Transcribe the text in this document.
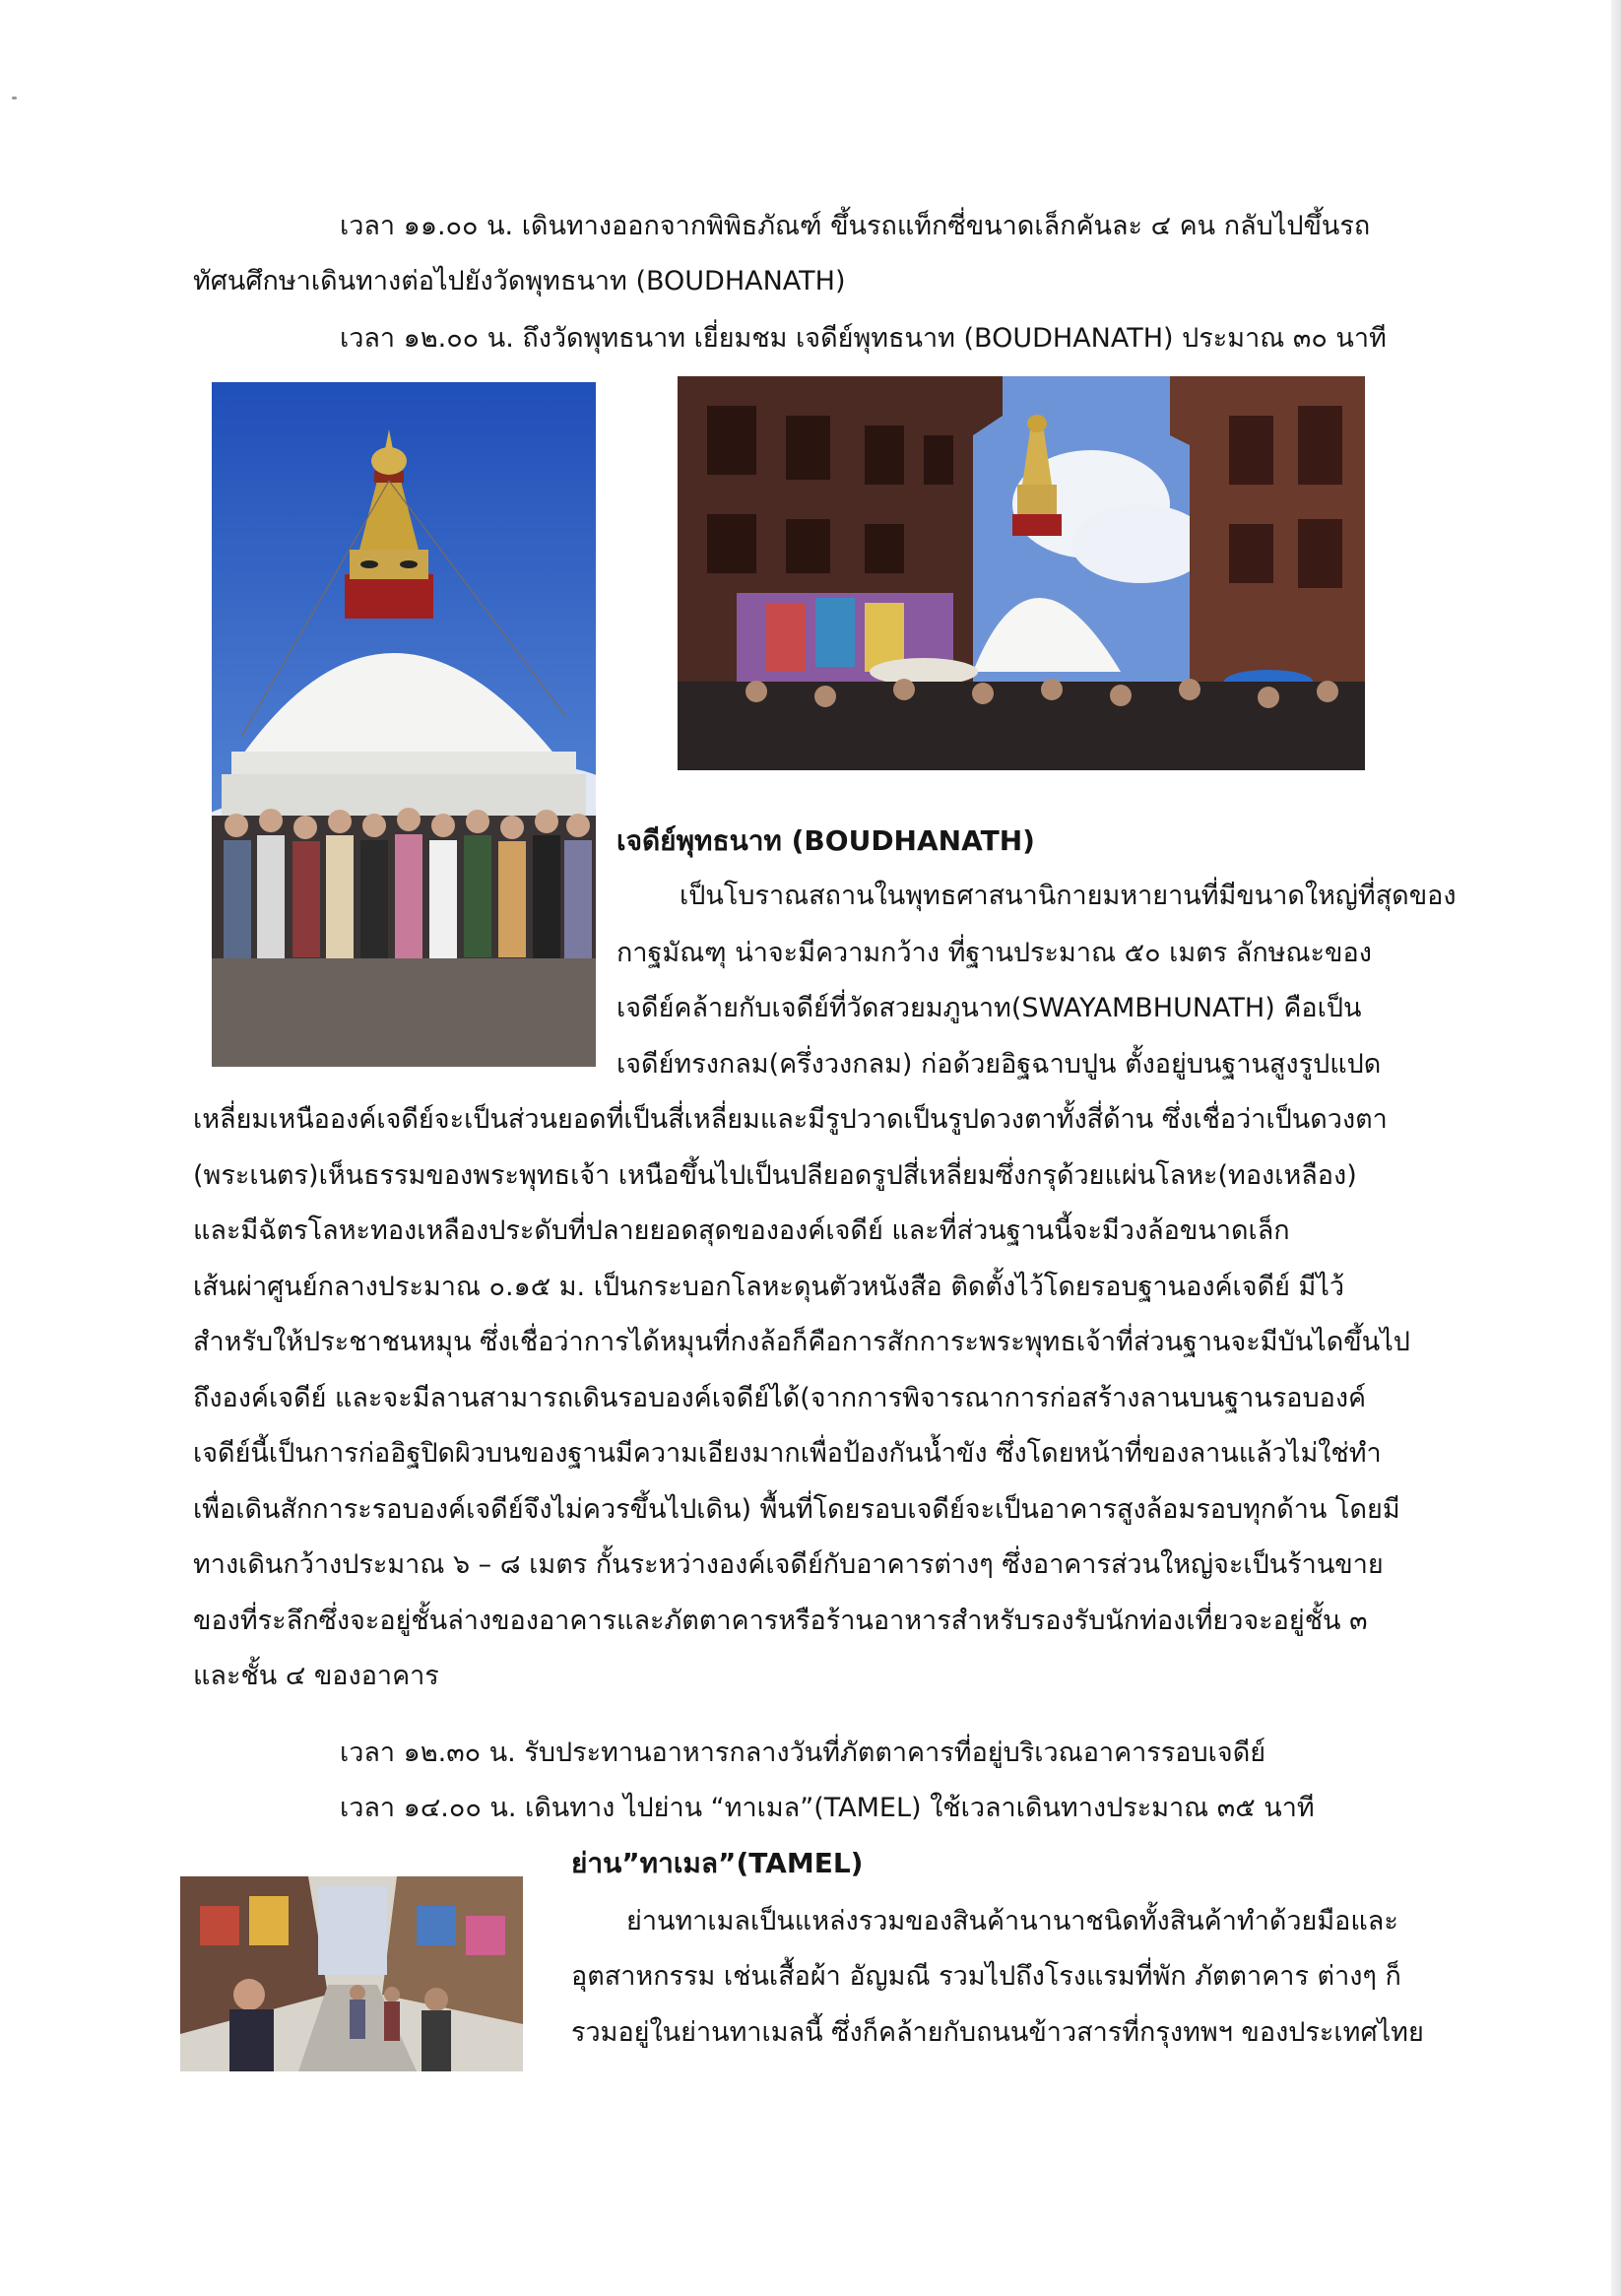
เวลา ๑๑.๐๐ น. เดินทางออกจากพิพิธภัณฑ์ ขึ้นรถแท็กซี่ขนาดเล็กคันละ ๔ คน กลับไปขึ้นรถ
ทัศนศึกษาเดินทางต่อไปยังวัดพุทธนาท (BOUDHANATH)
เวลา ๑๒.๐๐ น. ถึงวัดพุทธนาท เยี่ยมชม เจดีย์พุทธนาท (BOUDHANATH) ประมาณ ๓๐ นาที
เจดีย์พุทธนาท (BOUDHANATH)
เป็นโบราณสถานในพุทธศาสนานิกายมหายานที่มีขนาดใหญ่ที่สุดของ
กาฐมัณฑุ น่าจะมีความกว้าง ที่ฐานประมาณ ๕๐ เมตร ลักษณะของ
เจดีย์คล้ายกับเจดีย์ที่วัดสวยมภูนาท(SWAYAMBHUNATH) คือเป็น
เจดีย์ทรงกลม(ครึ่งวงกลม) ก่อด้วยอิฐฉาบปูน ตั้งอยู่บนฐานสูงรูปแปด
เหลี่ยมเหนือองค์เจดีย์จะเป็นส่วนยอดที่เป็นสี่เหลี่ยมและมีรูปวาดเป็นรูปดวงตาทั้งสี่ด้าน ซึ่งเชื่อว่าเป็นดวงตา
(พระเนตร)เห็นธรรมของพระพุทธเจ้า เหนือขึ้นไปเป็นปลียอดรูปสี่เหลี่ยมซึ่งกรุด้วยแผ่นโลหะ(ทองเหลือง)
และมีฉัตรโลหะทองเหลืองประดับที่ปลายยอดสุดขององค์เจดีย์ และที่ส่วนฐานนี้จะมีวงล้อขนาดเล็ก
เส้นผ่าศูนย์กลางประมาณ ๐.๑๕ ม. เป็นกระบอกโลหะดุนตัวหนังสือ ติดตั้งไว้โดยรอบฐานองค์เจดีย์ มีไว้
สำหรับให้ประชาชนหมุน ซึ่งเชื่อว่าการได้หมุนที่กงล้อก็คือการสักการะพระพุทธเจ้าที่ส่วนฐานจะมีบันไดขึ้นไป
ถึงองค์เจดีย์ และจะมีลานสามารถเดินรอบองค์เจดีย์ได้(จากการพิจารณาการก่อสร้างลานบนฐานรอบองค์
เจดีย์นี้เป็นการก่ออิฐปิดผิวบนของฐานมีความเอียงมากเพื่อป้องกันน้ำขัง ซึ่งโดยหน้าที่ของลานแล้วไม่ใช่ทำ
เพื่อเดินสักการะรอบองค์เจดีย์จึงไม่ควรขึ้นไปเดิน) พื้นที่โดยรอบเจดีย์จะเป็นอาคารสูงล้อมรอบทุกด้าน โดยมี
ทางเดินกว้างประมาณ ๖ – ๘ เมตร กั้นระหว่างองค์เจดีย์กับอาคารต่างๆ ซึ่งอาคารส่วนใหญ่จะเป็นร้านขาย
ของที่ระลึกซึ่งจะอยู่ชั้นล่างของอาคารและภัตตาคารหรือร้านอาหารสำหรับรองรับนักท่องเที่ยวจะอยู่ชั้น ๓
และชั้น ๔ ของอาคาร
เวลา ๑๒.๓๐ น. รับประทานอาหารกลางวันที่ภัตตาคารที่อยู่บริเวณอาคารรอบเจดีย์
เวลา ๑๔.๐๐ น. เดินทาง ไปย่าน “ทาเมล”(TAMEL) ใช้เวลาเดินทางประมาณ ๓๕ นาที
ย่าน”ทาเมล”(TAMEL)
ย่านทาเมลเป็นแหล่งรวมของสินค้านานาชนิดทั้งสินค้าทำด้วยมือและ
อุตสาหกรรม เช่นเสื้อผ้า อัญมณี รวมไปถึงโรงแรมที่พัก ภัตตาคาร ต่างๆ ก็
รวมอยู่ในย่านทาเมลนี้ ซึ่งก็คล้ายกับถนนข้าวสารที่กรุงทพฯ ของประเทศไทย
